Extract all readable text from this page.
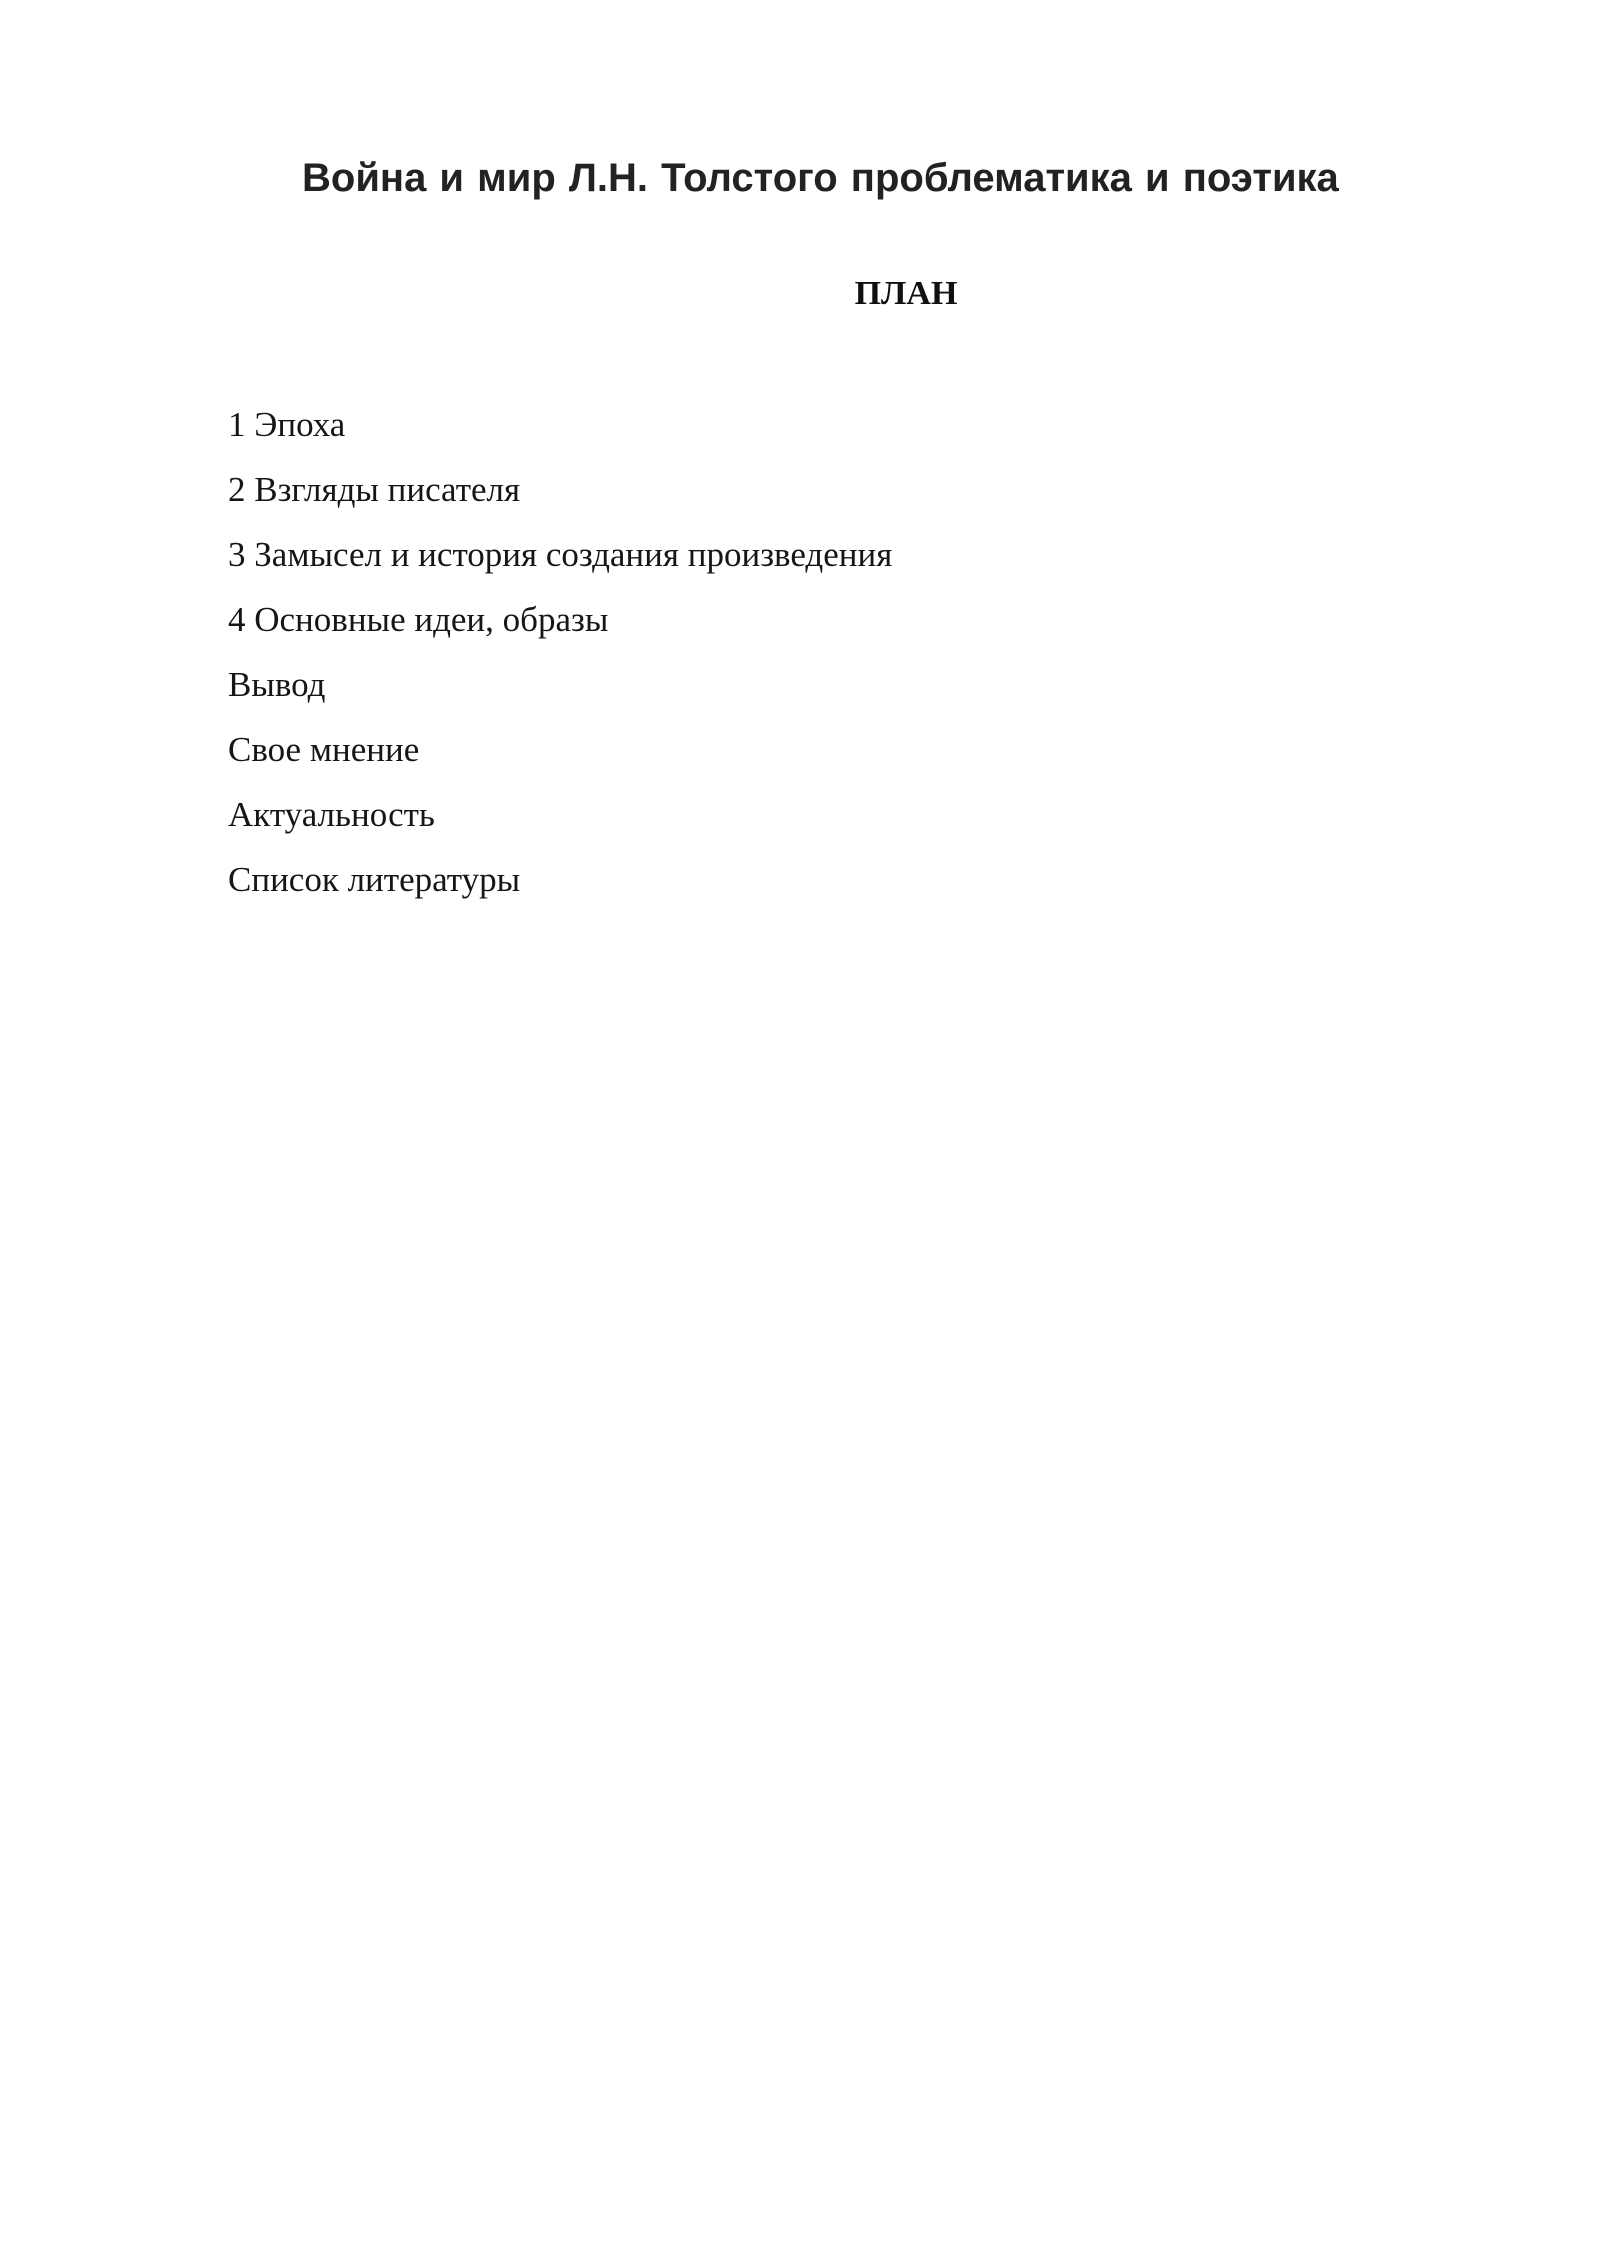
Война и мир Л.Н. Толстого проблематика и поэтика
ПЛАН
1 Эпоха
2 Взгляды писателя
3 Замысел и история создания произведения
4 Основные идеи, образы
Вывод
Свое мнение
Актуальность
Список литературы
